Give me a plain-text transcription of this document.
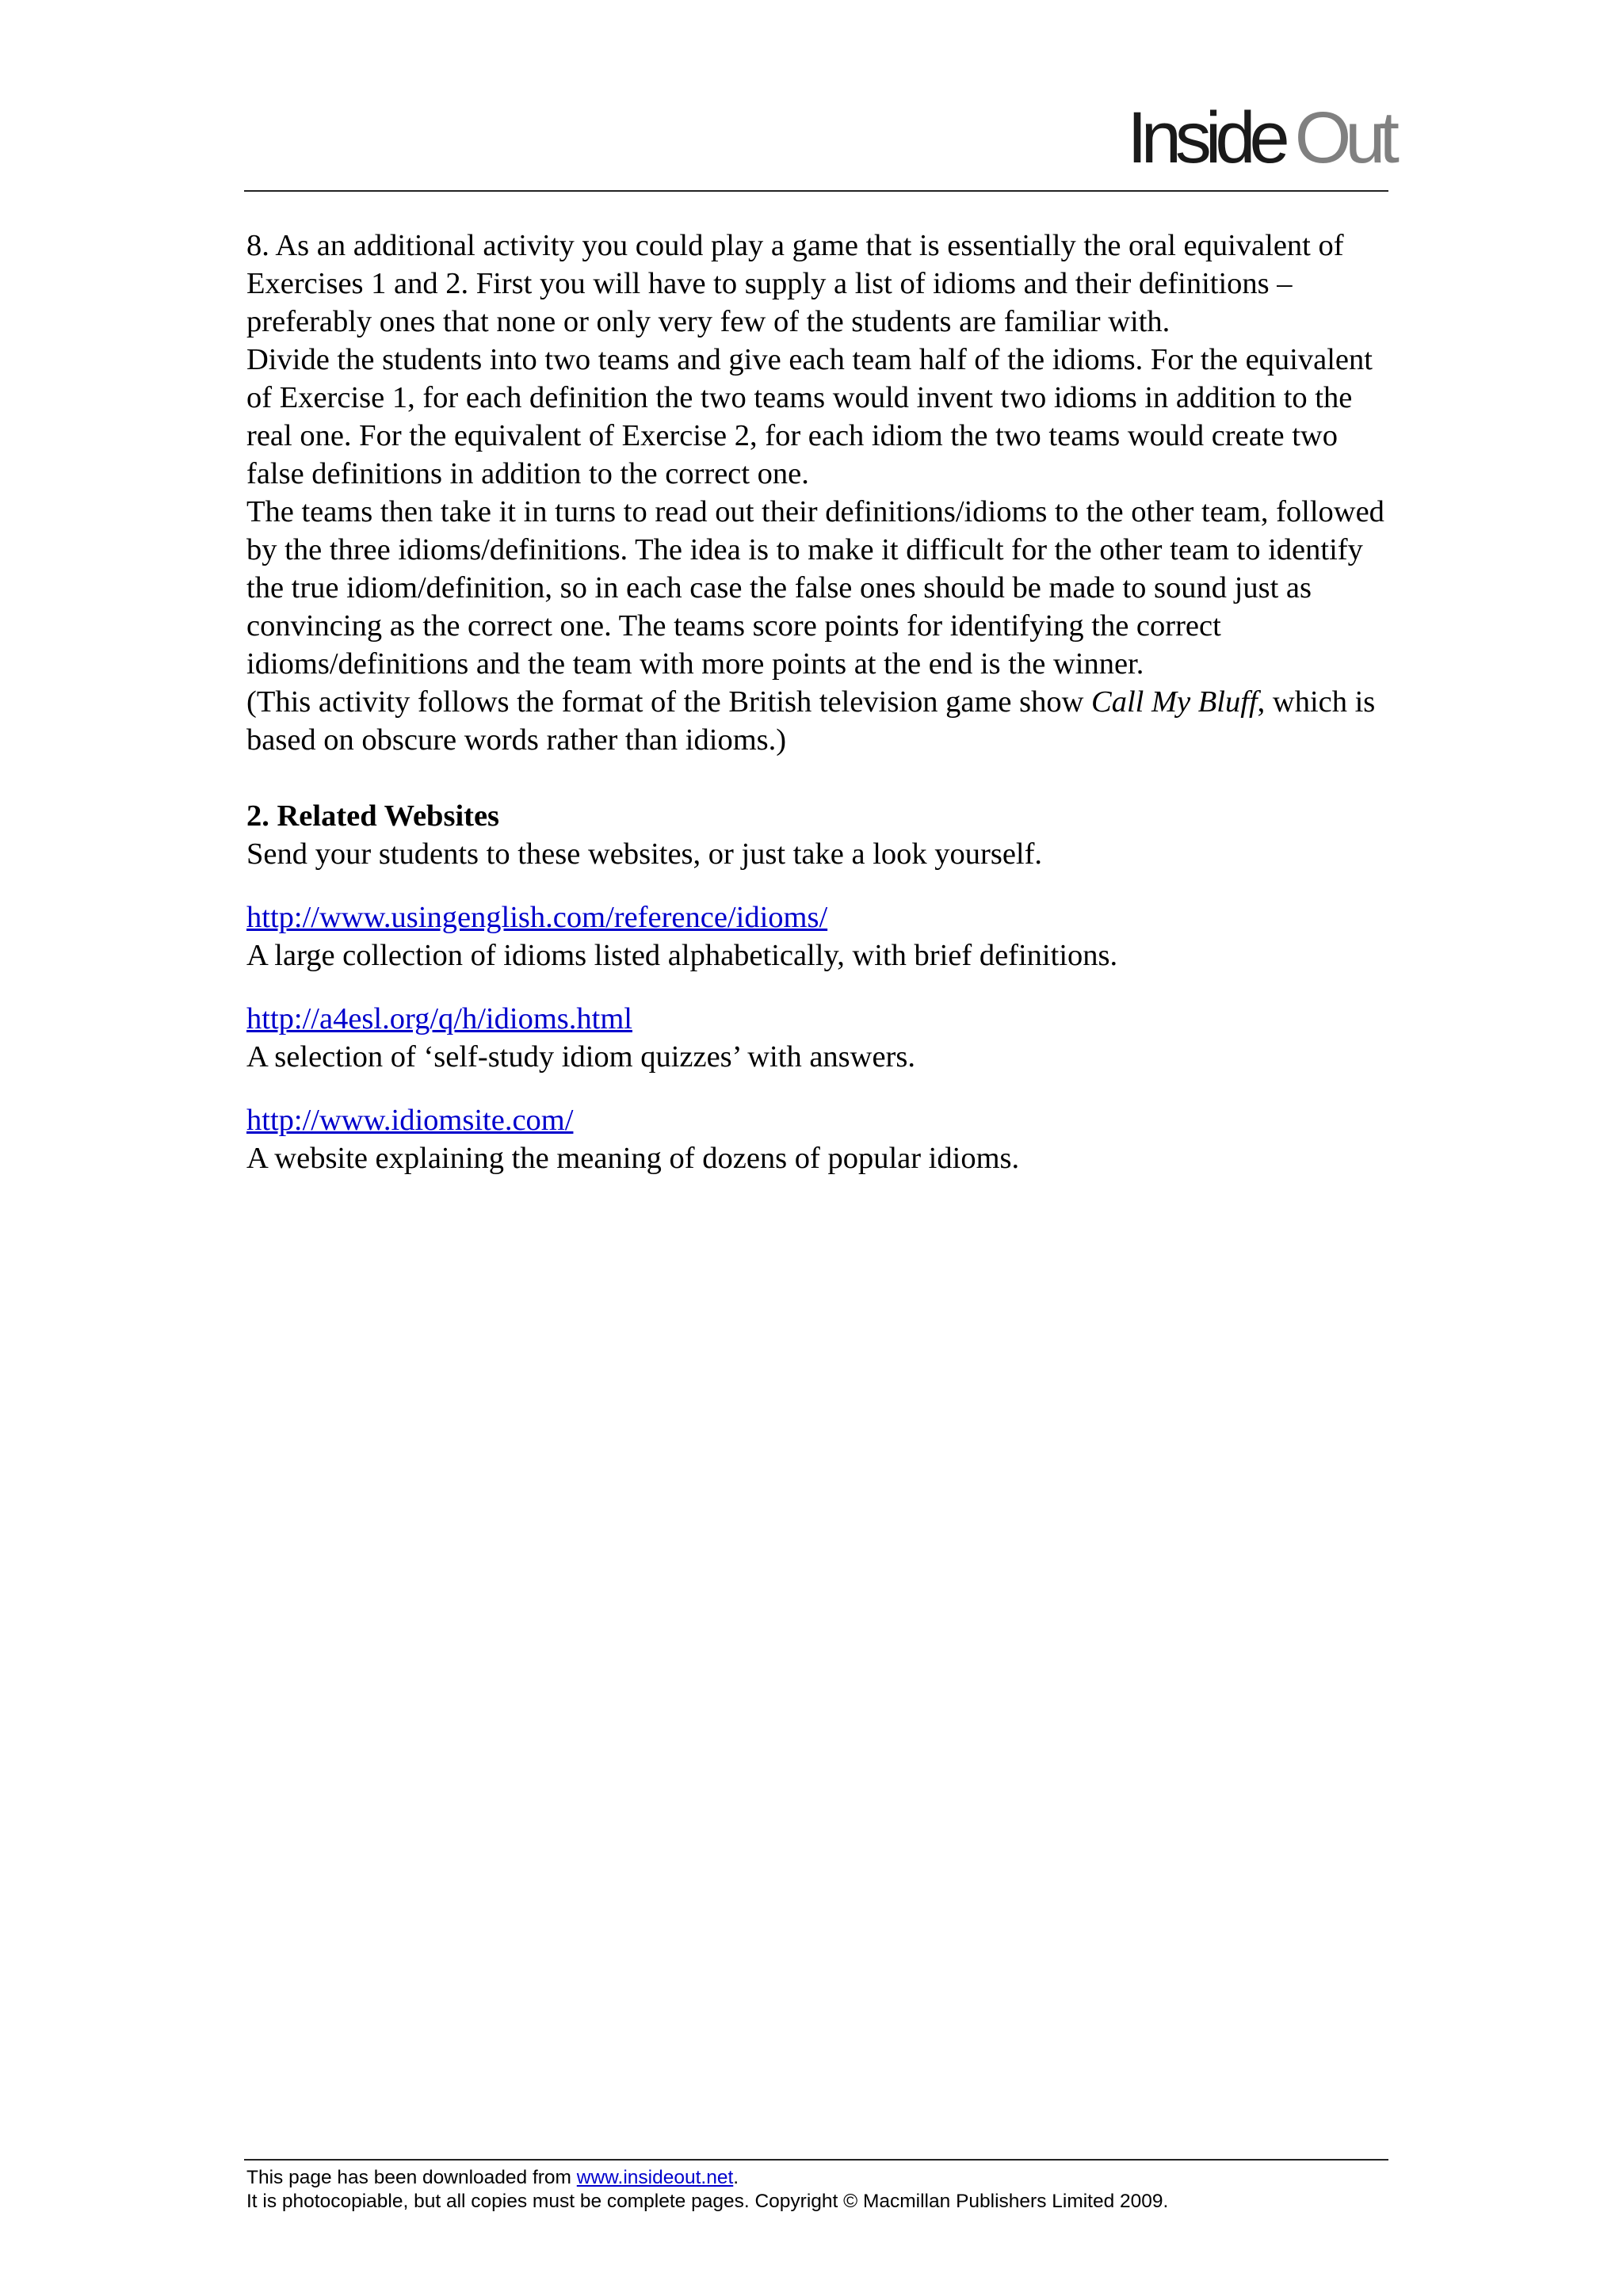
Inside Out

8. As an additional activity you could play a game that is essentially the oral equivalent of Exercises 1 and 2. First you will have to supply a list of idioms and their definitions – preferably ones that none or only very few of the students are familiar with.

Divide the students into two teams and give each team half of the idioms. For the equivalent of Exercise 1, for each definition the two teams would invent two idioms in addition to the real one. For the equivalent of Exercise 2, for each idiom the two teams would create two false definitions in addition to the correct one.

The teams then take it in turns to read out their definitions/idioms to the other team, followed by the three idioms/definitions. The idea is to make it difficult for the other team to identify the true idiom/definition, so in each case the false ones should be made to sound just as convincing as the correct one. The teams score points for identifying the correct idioms/definitions and the team with more points at the end is the winner.

(This activity follows the format of the British television game show Call My Bluff, which is based on obscure words rather than idioms.)

2. Related Websites

Send your students to these websites, or just take a look yourself.

http://www.usingenglish.com/reference/idioms/

A large collection of idioms listed alphabetically, with brief definitions.

http://a4esl.org/q/h/idioms.html

A selection of ‘self-study idiom quizzes’ with answers.

http://www.idiomsite.com/

A website explaining the meaning of dozens of popular idioms.

This page has been downloaded from www.insideout.net.
It is photocopiable, but all copies must be complete pages. Copyright © Macmillan Publishers Limited 2009.
